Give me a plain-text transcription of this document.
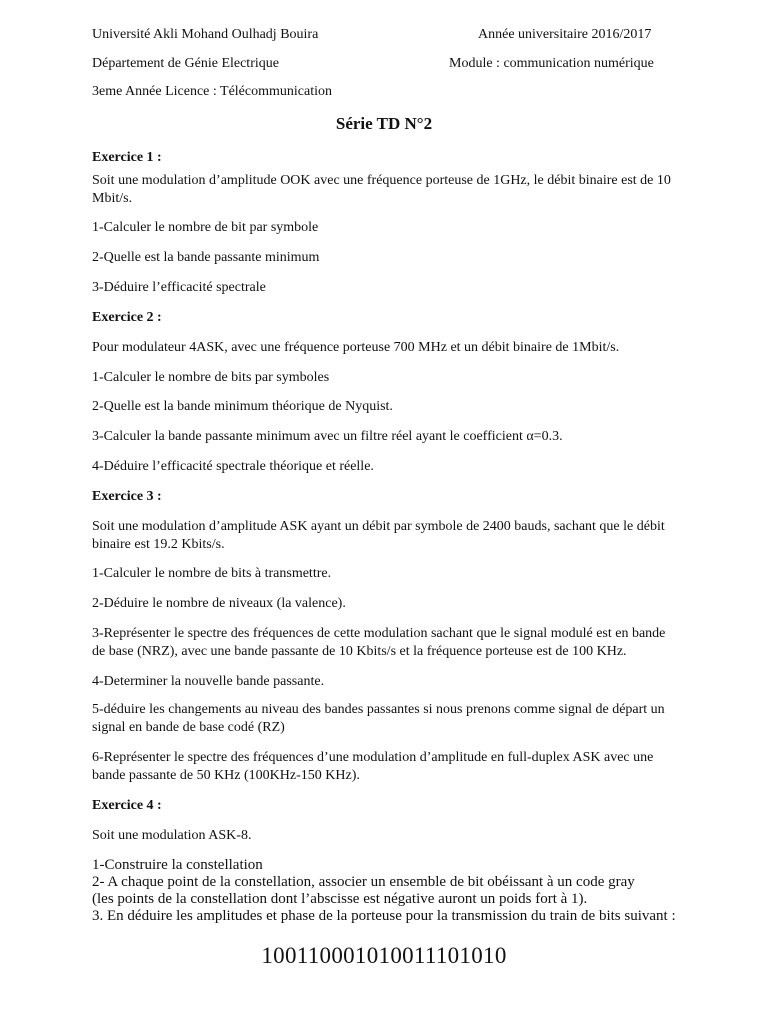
Université Akli Mohand Oulhadj Bouira	Année universitaire 2016/2017
Département de Génie Electrique	Module : communication numérique
3eme Année Licence : Télécommunication
Série TD N°2
Exercice 1 :
Soit une modulation d’amplitude OOK avec une fréquence porteuse de 1GHz, le débit binaire est de 10 Mbit/s.
1-Calculer le nombre de bit par symbole
2-Quelle est la bande passante minimum
3-Déduire l’efficacité spectrale
Exercice 2 :
Pour modulateur 4ASK, avec une fréquence porteuse 700 MHz et un débit binaire de 1Mbit/s.
1-Calculer le nombre de bits par symboles
2-Quelle est la bande minimum théorique de Nyquist.
3-Calculer la bande passante minimum avec un filtre réel ayant le coefficient α=0.3.
4-Déduire l’efficacité spectrale théorique et réelle.
Exercice 3 :
Soit une modulation d’amplitude ASK ayant un débit par symbole de 2400 bauds, sachant que le débit binaire est 19.2 Kbits/s.
1-Calculer le nombre de bits à transmettre.
2-Déduire le nombre de niveaux (la valence).
3-Représenter le spectre des fréquences de cette modulation sachant que le signal modulé est en bande de base (NRZ), avec une bande passante de 10 Kbits/s et la fréquence porteuse est de 100 KHz.
4-Determiner la nouvelle bande passante.
5-déduire les changements au niveau des bandes passantes si nous prenons comme signal de départ un signal en bande de base codé (RZ)
6-Représenter le spectre des fréquences d’une modulation d’amplitude en full-duplex ASK avec une bande passante de 50 KHz (100KHz-150 KHz).
Exercice 4 :
Soit une modulation ASK-8.
1-Construire la constellation
2- A chaque point de la constellation, associer un ensemble de bit obéissant à un code gray
(les points de la constellation dont l’abscisse est négative auront un poids fort à 1).
3. En déduire les amplitudes et phase de la porteuse pour la transmission du train de bits suivant :
10011000101001110101​0
